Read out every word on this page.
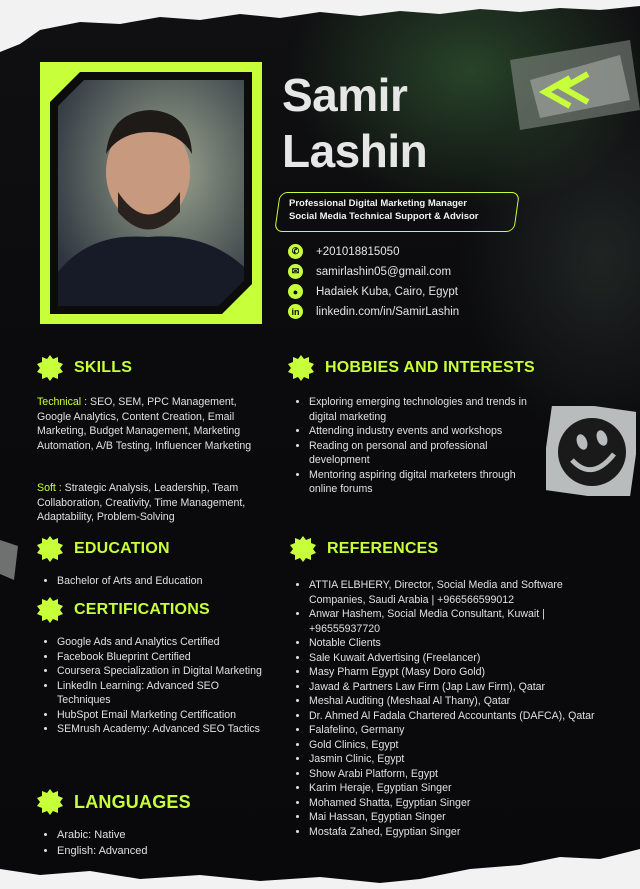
Samir
Lashin
Professional Digital Marketing Manager
Social Media Technical Support & Advisor
✆	+201018815050
✉	samirlashin05@gmail.com
●	Hadaiek Kuba, Cairo, Egypt
in	linkedin.com/in/SamirLashin
SKILLS
Technical : SEO, SEM, PPC Management, Google Analytics, Content Creation, Email Marketing, Budget Management, Marketing Automation, A/B Testing, Influencer Marketing
Soft : Strategic Analysis, Leadership, Team Collaboration, Creativity, Time Management, Adaptability, Problem-Solving
HOBBIES AND INTERESTS
• Exploring emerging technologies and trends in digital marketing
• Attending industry events and workshops
• Reading on personal and professional development
• Mentoring aspiring digital marketers through online forums
EDUCATION
• Bachelor of Arts and Education
CERTIFICATIONS
• Google Ads and Analytics Certified
• Facebook Blueprint Certified
• Coursera Specialization in Digital Marketing
• LinkedIn Learning: Advanced SEO Techniques
• HubSpot Email Marketing Certification
• SEMrush Academy: Advanced SEO Tactics
LANGUAGES
• Arabic: Native
• English: Advanced
REFERENCES
• ATTIA ELBHERY, Director, Social Media and Software Companies, Saudi Arabia | +966566599012
• Anwar Hashem, Social Media Consultant, Kuwait | +96555937720
• Notable Clients
• Sale Kuwait Advertising (Freelancer)
• Masy Pharm Egypt (Masy Doro Gold)
• Jawad & Partners Law Firm (Jap Law Firm), Qatar
• Meshal Auditing (Meshaal Al Thany), Qatar
• Dr. Ahmed Al Fadala Chartered Accountants (DAFCA), Qatar
• Falafelino, Germany
• Gold Clinics, Egypt
• Jasmin Clinic, Egypt
• Show Arabi Platform, Egypt
• Karim Heraje, Egyptian Singer
• Mohamed Shatta, Egyptian Singer
• Mai Hassan, Egyptian Singer
• Mostafa Zahed, Egyptian Singer
